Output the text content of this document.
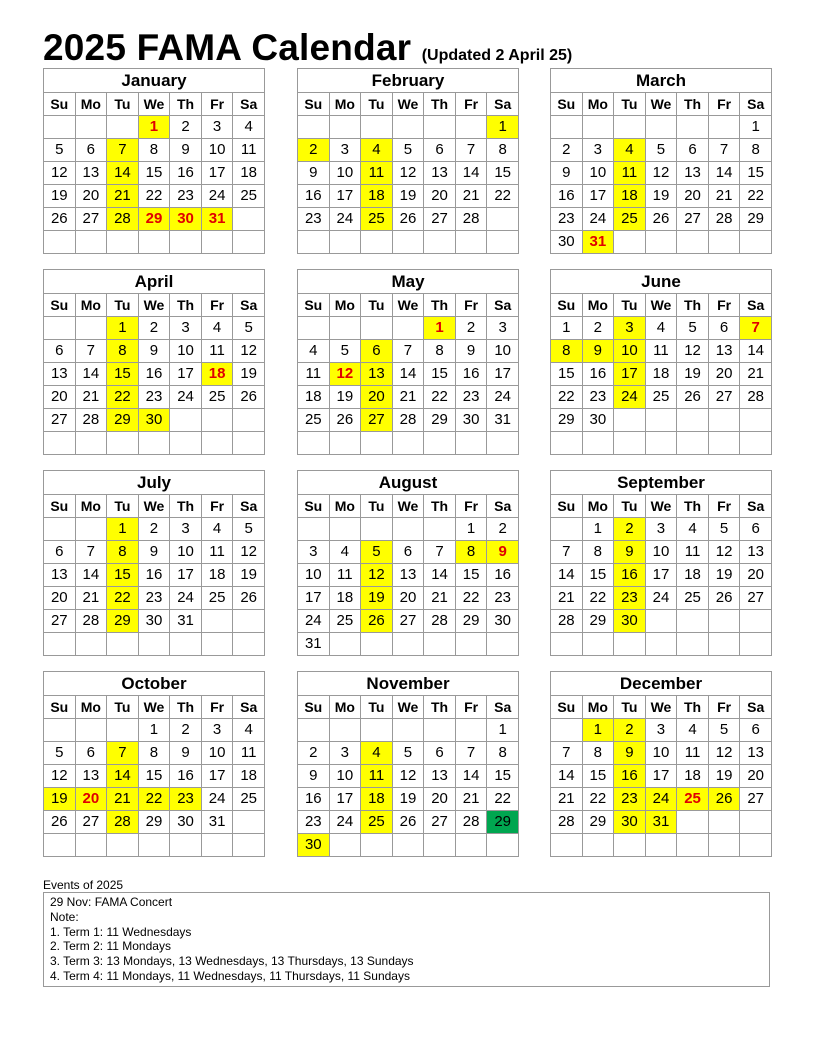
2025 FAMA Calendar (Updated 2 April 25)
January						
Su	Mo	Tu	We	Th	Fr	Sa
			1	2	3	4
5	6	7	8	9	10	11
12	13	14	15	16	17	18
19	20	21	22	23	24	25
26	27	28	29	30	31	

February						
Su	Mo	Tu	We	Th	Fr	Sa
						1
2	3	4	5	6	7	8
9	10	11	12	13	14	15
16	17	18	19	20	21	22
23	24	25	26	27	28	

March						
Su	Mo	Tu	We	Th	Fr	Sa
						1
2	3	4	5	6	7	8
9	10	11	12	13	14	15
16	17	18	19	20	21	22
23	24	25	26	27	28	29
30	31					
April						
Su	Mo	Tu	We	Th	Fr	Sa
		1	2	3	4	5
6	7	8	9	10	11	12
13	14	15	16	17	18	19
20	21	22	23	24	25	26
27	28	29	30			

May						
Su	Mo	Tu	We	Th	Fr	Sa
				1	2	3
4	5	6	7	8	9	10
11	12	13	14	15	16	17
18	19	20	21	22	23	24
25	26	27	28	29	30	31

June						
Su	Mo	Tu	We	Th	Fr	Sa
1	2	3	4	5	6	7
8	9	10	11	12	13	14
15	16	17	18	19	20	21
22	23	24	25	26	27	28
29	30					

July						
Su	Mo	Tu	We	Th	Fr	Sa
		1	2	3	4	5
6	7	8	9	10	11	12
13	14	15	16	17	18	19
20	21	22	23	24	25	26
27	28	29	30	31		

August						
Su	Mo	Tu	We	Th	Fr	Sa
					1	2
3	4	5	6	7	8	9
10	11	12	13	14	15	16
17	18	19	20	21	22	23
24	25	26	27	28	29	30
31						
September						
Su	Mo	Tu	We	Th	Fr	Sa
	1	2	3	4	5	6
7	8	9	10	11	12	13
14	15	16	17	18	19	20
21	22	23	24	25	26	27
28	29	30				

October						
Su	Mo	Tu	We	Th	Fr	Sa
			1	2	3	4
5	6	7	8	9	10	11
12	13	14	15	16	17	18
19	20	21	22	23	24	25
26	27	28	29	30	31	

November						
Su	Mo	Tu	We	Th	Fr	Sa
						1
2	3	4	5	6	7	8
9	10	11	12	13	14	15
16	17	18	19	20	21	22
23	24	25	26	27	28	29
30						
December						
Su	Mo	Tu	We	Th	Fr	Sa
	1	2	3	4	5	6
7	8	9	10	11	12	13
14	15	16	17	18	19	20
21	22	23	24	25	26	27
28	29	30	31			

Events of 2025
29 Nov: FAMA Concert
Note:
1. Term 1: 11 Wednesdays
2. Term 2: 11 Mondays
3. Term 3: 13 Mondays, 13 Wednesdays, 13 Thursdays, 13 Sundays
4. Term 4: 11 Mondays, 11 Wednesdays, 11 Thursdays, 11 Sundays
